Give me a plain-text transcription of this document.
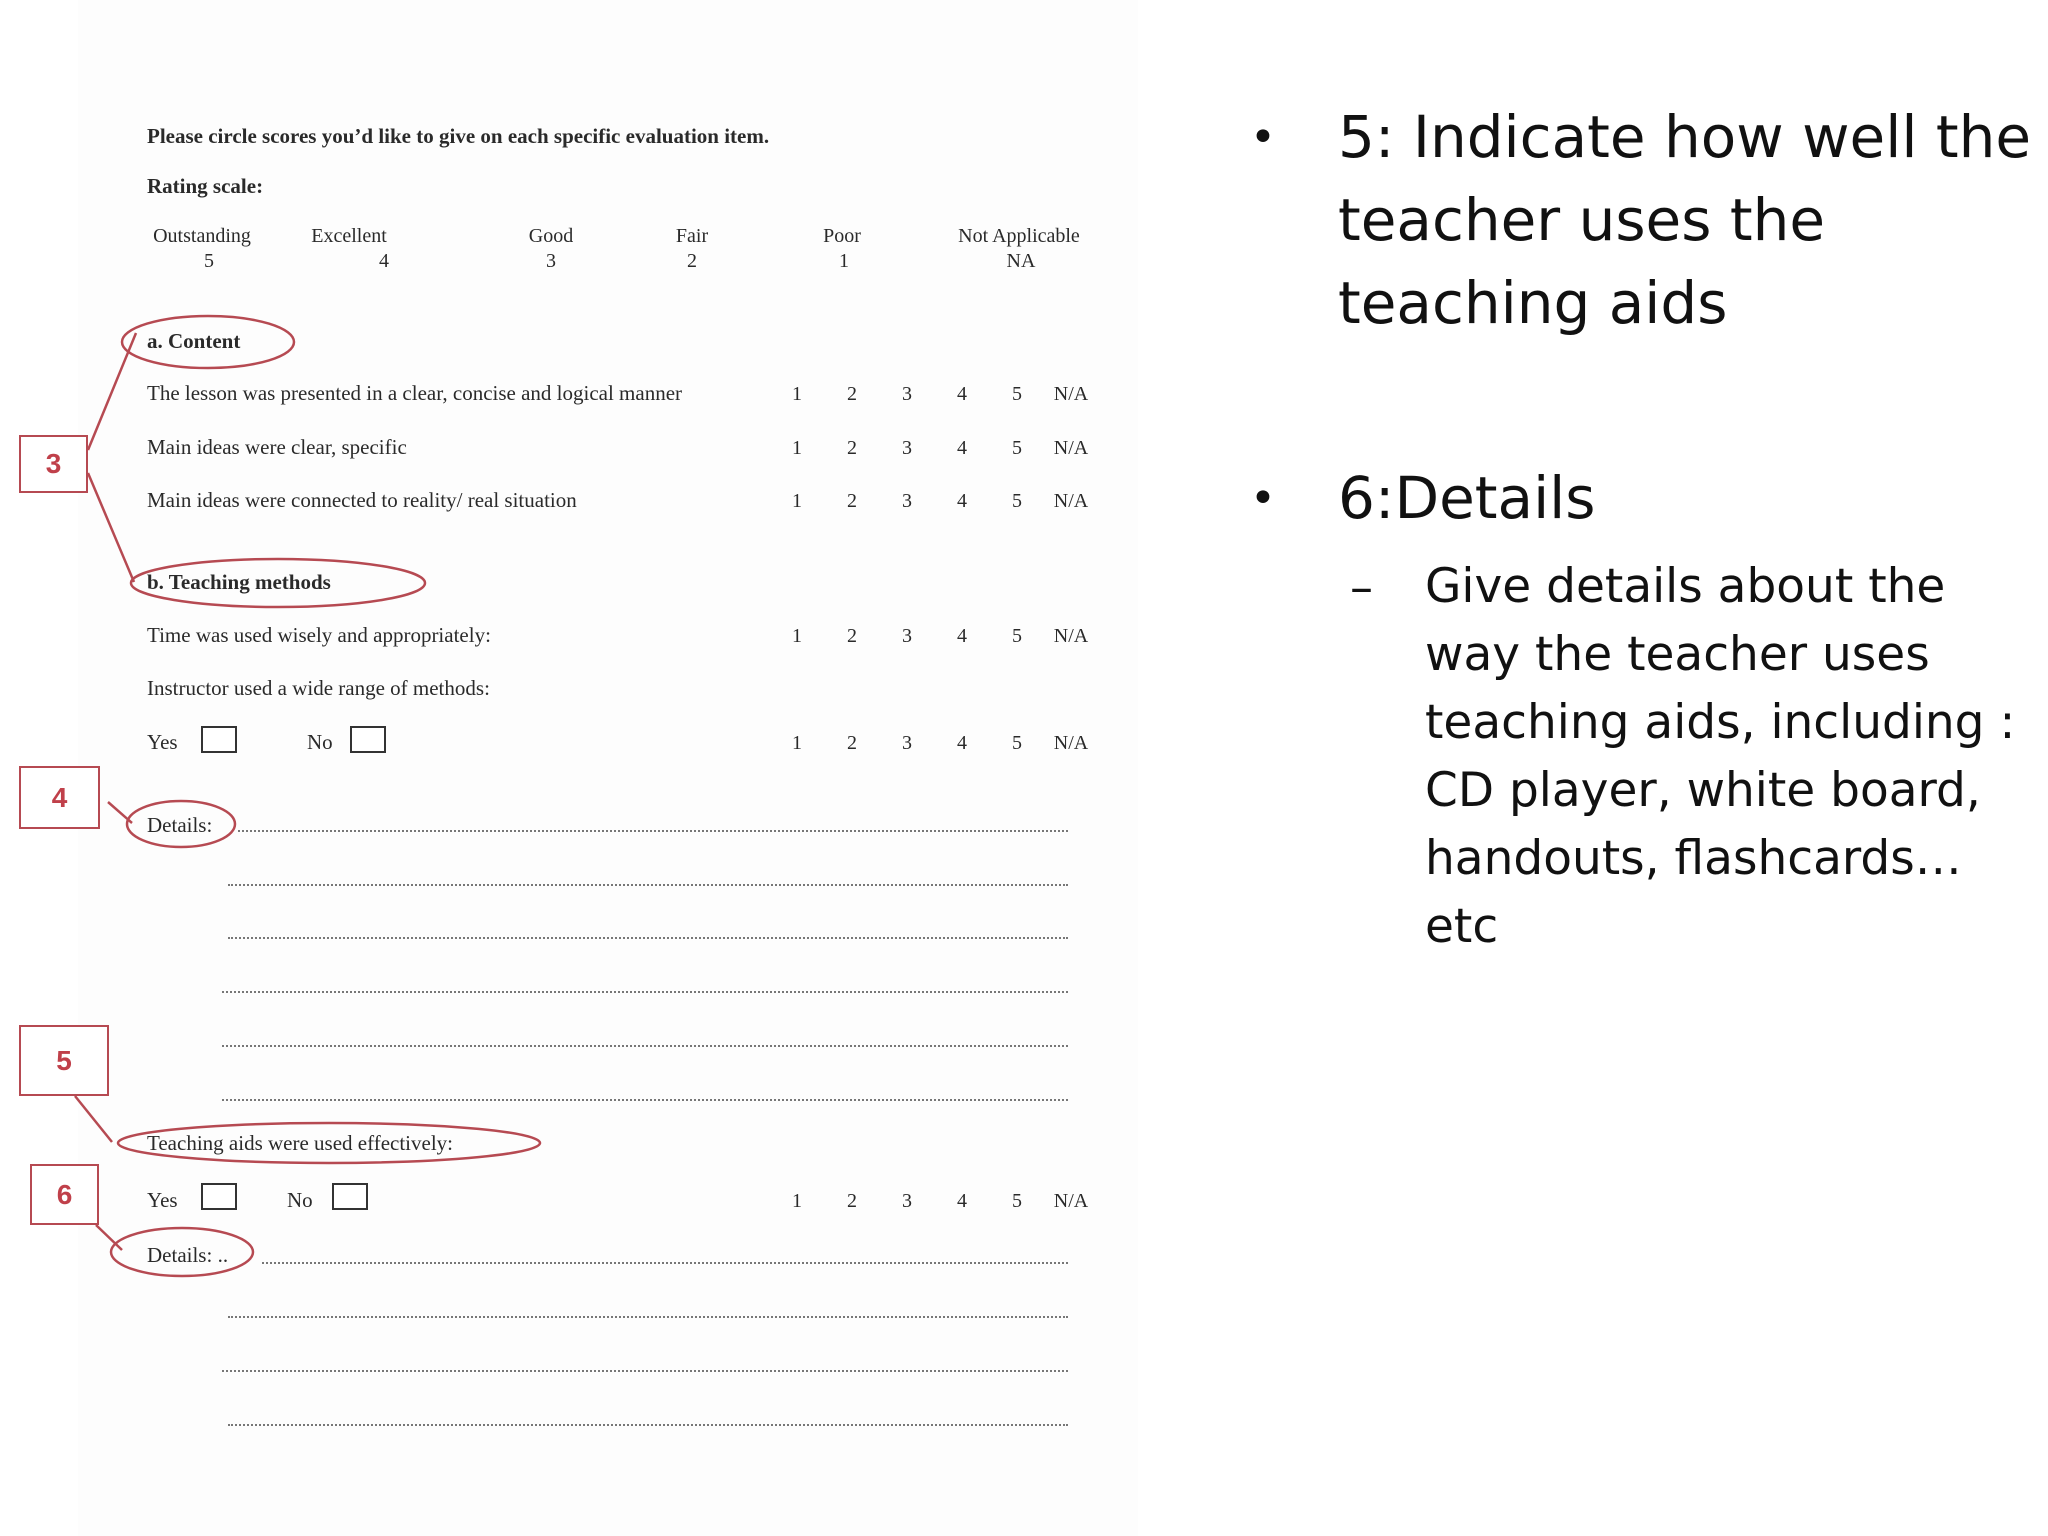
Please circle scores you’d like to give on each specific evaluation item.
Rating scale:
Outstanding
5
Excellent
4
Good
3
Fair
2
Poor
1
Not Applicable
NA
a. Content
The lesson was presented in a clear, concise and logical manner	1	2	3	4	5	N/A
Main ideas were clear, specific	1	2	3	4	5	N/A
Main ideas were connected to reality/ real situation	1	2	3	4	5	N/A
b. Teaching methods
Time was used wisely and appropriately:	1	2	3	4	5	N/A
Instructor used a wide range of methods:
Yes	No	1	2	3	4	5	N/A
Details:
Teaching aids were used effectively:
Yes	No	1	2	3	4	5	N/A
Details: ..
3
4
5
6
•	5: Indicate how well the teacher uses the teaching aids
•	6:Details
–	Give details about the way the teacher uses teaching aids, including : CD player, white board, handouts, flashcards…etc
